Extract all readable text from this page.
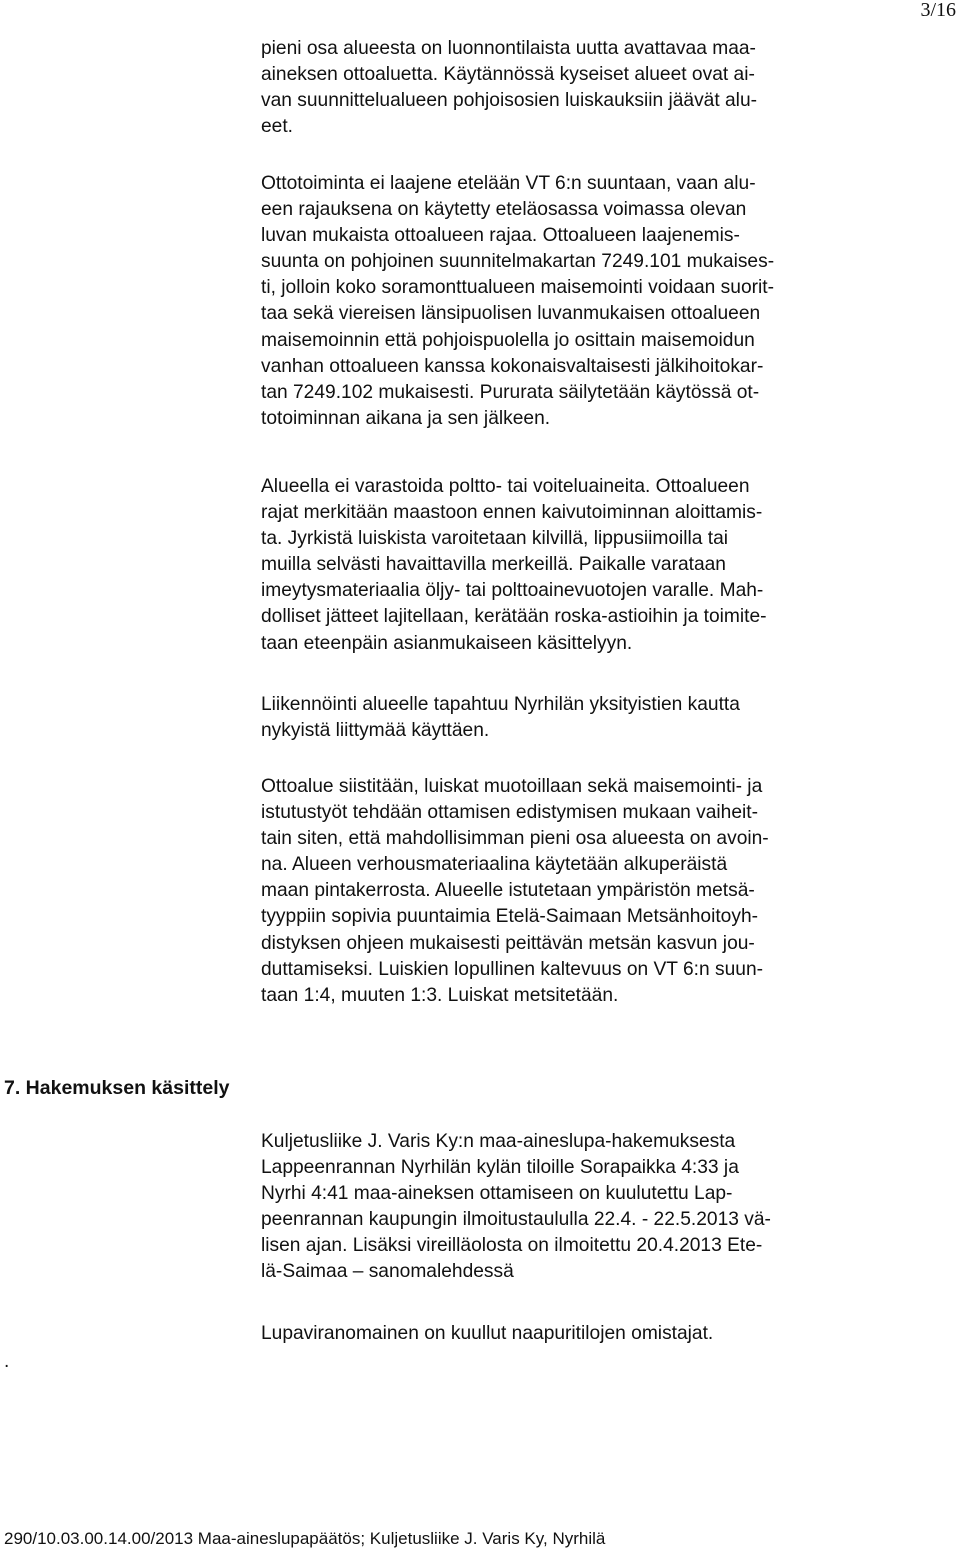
3/16
pieni osa alueesta on luonnontilaista uutta avattavaa maa-
aineksen ottoaluetta. Käytännössä kyseiset alueet ovat ai-
van suunnittelualueen pohjoisosien luiskauksiin jäävät alu-
eet.
Ottotoiminta ei laajene etelään VT 6:n suuntaan, vaan alu-
een rajauksena on käytetty eteläosassa voimassa olevan
luvan mukaista ottoalueen rajaa. Ottoalueen laajenemis-
suunta on pohjoinen suunnitelmakartan 7249.101 mukaises-
ti, jolloin koko soramonttualueen maisemointi voidaan suorit-
taa sekä viereisen länsipuolisen luvanmukaisen ottoalueen
maisemoinnin että pohjoispuolella jo osittain maisemoidun
vanhan ottoalueen kanssa kokonaisvaltaisesti jälkihoitokar-
tan 7249.102 mukaisesti. Pururata säilytetään käytössä ot-
totoiminnan aikana ja sen jälkeen.
Alueella ei varastoida poltto- tai voiteluaineita. Ottoalueen
rajat merkitään maastoon ennen kaivutoiminnan aloittamis-
ta. Jyrkistä luiskista varoitetaan kilvillä, lippusiimoilla tai
muilla selvästi havaittavilla merkeillä. Paikalle varataan
imeytysmateriaalia öljy- tai polttoainevuotojen varalle. Mah-
dolliset jätteet lajitellaan, kerätään roska-astioihin ja toimite-
taan eteenpäin asianmukaiseen käsittelyyn.
Liikennöinti alueelle tapahtuu Nyrhilän yksityistien kautta
nykyistä liittymää käyttäen.
Ottoalue siistitään, luiskat muotoillaan sekä maisemointi- ja
istutustyöt tehdään ottamisen edistymisen mukaan vaiheit-
tain siten, että mahdollisimman pieni osa alueesta on avoin-
na. Alueen verhousmateriaalina käytetään alkuperäistä
maan pintakerrosta. Alueelle istutetaan ympäristön metsä-
tyyppiin sopivia puuntaimia Etelä-Saimaan Metsänhoitoyh-
distyksen ohjeen mukaisesti peittävän metsän kasvun jou-
duttamiseksi. Luiskien lopullinen kaltevuus on VT 6:n suun-
taan 1:4, muuten 1:3. Luiskat metsitetään.
7. Hakemuksen käsittely
Kuljetusliike J. Varis Ky:n maa-aineslupa-hakemuksesta
Lappeenrannan Nyrhilän kylän tiloille Sorapaikka 4:33 ja
Nyrhi 4:41 maa-aineksen ottamiseen on kuulutettu Lap-
peenrannan kaupungin ilmoitustaululla 22.4. - 22.5.2013 vä-
lisen ajan. Lisäksi vireilläolosta on ilmoitettu 20.4.2013 Ete-
lä-Saimaa – sanomalehdessä
.
Lupaviranomainen on kuullut naapuritilojen omistajat.
290/10.03.00.14.00/2013 Maa-aineslupapäätös; Kuljetusliike J. Varis Ky, Nyrhilä
